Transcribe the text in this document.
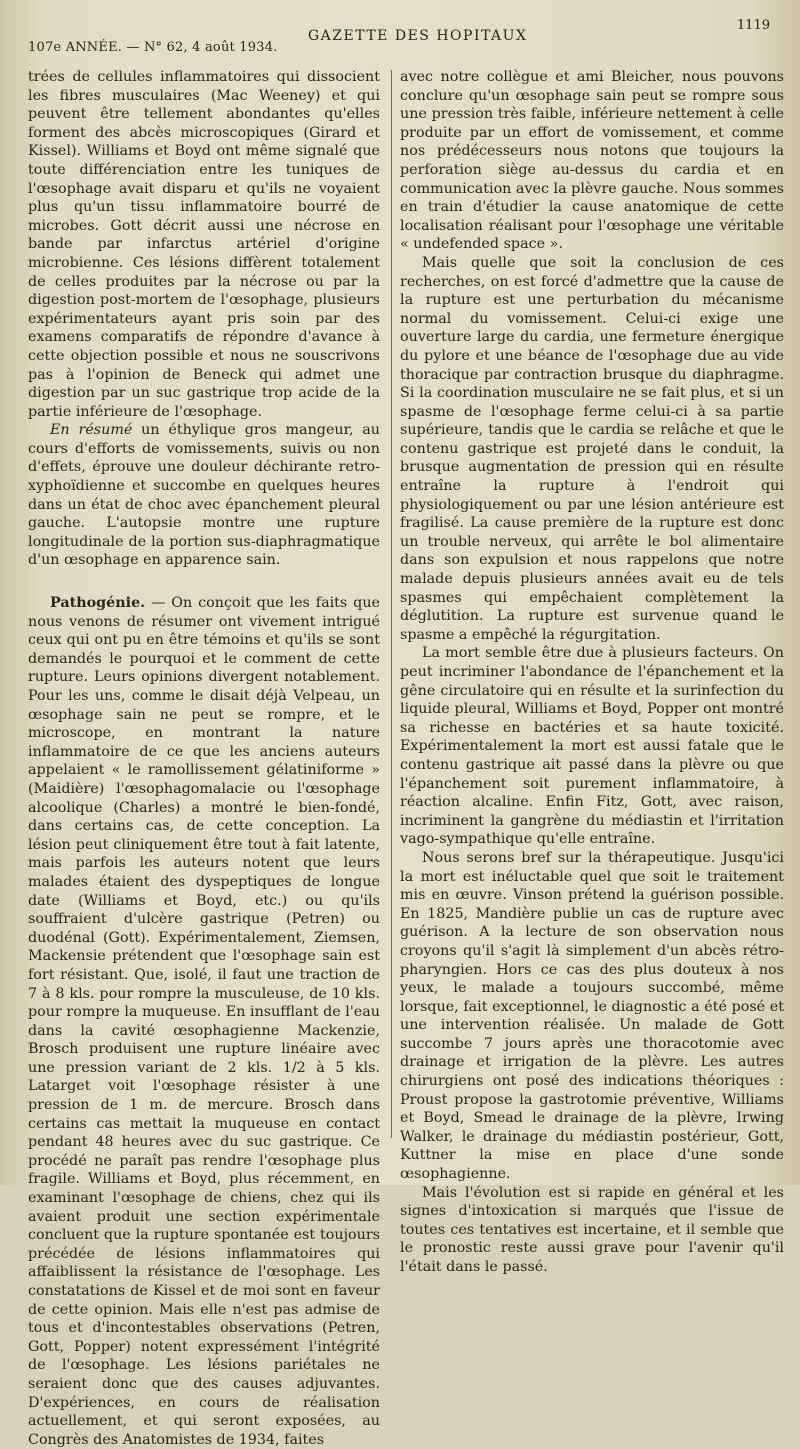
107e ANNÉE. — N° 62, 4 août 1934.
GAZETTE DES HOPITAUX
1119

trées de cellules inflammatoires qui dissocient les fibres musculaires (Mac Weeney) et qui peuvent être tellement abondantes qu'elles forment des abcès microscopiques (Girard et Kissel). Williams et Boyd ont même signalé que toute différenciation entre les tuniques de l'œsophage avait disparu et qu'ils ne voyaient plus qu'un tissu inflammatoire bourré de microbes. Gott décrit aussi une nécrose en bande par infarctus artériel d'origine microbienne. Ces lésions diffèrent totalement de celles produites par la nécrose ou par la digestion post-mortem de l'œsophage, plusieurs expérimentateurs ayant pris soin par des examens comparatifs de répondre d'avance à cette objection possible et nous ne souscrivons pas à l'opinion de Beneck qui admet une digestion par un suc gastrique trop acide de la partie inférieure de l'œsophage.

En résumé un éthylique gros mangeur, au cours d'efforts de vomissements, suivis ou non d'effets, éprouve une douleur déchirante retro-xyphoïdienne et succombe en quelques heures dans un état de choc avec épanchement pleural gauche. L'autopsie montre une rupture longitudinale de la portion sus-diaphragmatique d'un œsophage en apparence sain.

Pathogénie. — On conçoit que les faits que nous venons de résumer ont vivement intrigué ceux qui ont pu en être témoins et qu'ils se sont demandés le pourquoi et le comment de cette rupture. Leurs opinions divergent notablement. Pour les uns, comme le disait déjà Velpeau, un œsophage sain ne peut se rompre, et le microscope, en montrant la nature inflammatoire de ce que les anciens auteurs appelaient « le ramollissement gélatiniforme » (Maidière) l'œsophagomalacie ou l'œsophage alcoolique (Charles) a montré le bien-fondé, dans certains cas, de cette conception. La lésion peut cliniquement être tout à fait latente, mais parfois les auteurs notent que leurs malades étaient des dyspeptiques de longue date (Williams et Boyd, etc.) ou qu'ils souffraient d'ulcère gastrique (Petren) ou duodénal (Gott). Expérimentalement, Ziemsen, Mackensie prétendent que l'œsophage sain est fort résistant. Que, isolé, il faut une traction de 7 à 8 kls. pour rompre la musculeuse, de 10 kls. pour rompre la muqueuse. En insufflant de l'eau dans la cavité œsophagienne Mackenzie, Brosch produisent une rupture linéaire avec une pression variant de 2 kls. 1/2 à 5 kls. Latarget voit l'œsophage résister à une pression de 1 m. de mercure. Brosch dans certains cas mettait la muqueuse en contact pendant 48 heures avec du suc gastrique. Ce procédé ne paraît pas rendre l'œsophage plus fragile. Williams et Boyd, plus récemment, en examinant l'œsophage de chiens, chez qui ils avaient produit une section expérimentale concluent que la rupture spontanée est toujours précédée de lésions inflammatoires qui affaiblissent la résistance de l'œsophage. Les constatations de Kissel et de moi sont en faveur de cette opinion. Mais elle n'est pas admise de tous et d'incontestables observations (Petren, Gott, Popper) notent expressément l'intégrité de l'œsophage. Les lésions pariétales ne seraient donc que des causes adjuvantes. D'expériences, en cours de réalisation actuellement, et qui seront exposées, au Congrès des Anatomistes de 1934, faites

avec notre collègue et ami Bleicher, nous pouvons conclure qu'un œsophage sain peut se rompre sous une pression très faible, inférieure nettement à celle produite par un effort de vomissement, et comme nos prédécesseurs nous notons que toujours la perforation siège au-dessus du cardia et en communication avec la plèvre gauche. Nous sommes en train d'étudier la cause anatomique de cette localisation réalisant pour l'œsophage une véritable « undefended space ».

Mais quelle que soit la conclusion de ces recherches, on est forcé d'admettre que la cause de la rupture est une perturbation du mécanisme normal du vomissement. Celui-ci exige une ouverture large du cardia, une fermeture énergique du pylore et une béance de l'œsophage due au vide thoracique par contraction brusque du diaphragme. Si la coordination musculaire ne se fait plus, et si un spasme de l'œsophage ferme celui-ci à sa partie supérieure, tandis que le cardia se relâche et que le contenu gastrique est projeté dans le conduit, la brusque augmentation de pression qui en résulte entraîne la rupture à l'endroit qui physiologiquement ou par une lésion antérieure est fragilisé. La cause première de la rupture est donc un trouble nerveux, qui arrête le bol alimentaire dans son expulsion et nous rappelons que notre malade depuis plusieurs années avait eu de tels spasmes qui empêchaient complètement la déglutition. La rupture est survenue quand le spasme a empêché la régurgitation.

La mort semble être due à plusieurs facteurs. On peut incriminer l'abondance de l'épanchement et la gêne circulatoire qui en résulte et la surinfection du liquide pleural, Williams et Boyd, Popper ont montré sa richesse en bactéries et sa haute toxicité. Expérimentalement la mort est aussi fatale que le contenu gastrique ait passé dans la plèvre ou que l'épanchement soit purement inflammatoire, à réaction alcaline. Enfin Fitz, Gott, avec raison, incriminent la gangrène du médiastin et l'irritation vago-sympathique qu'elle entraîne.

Nous serons bref sur la thérapeutique. Jusqu'ici la mort est inéluctable quel que soit le traitement mis en œuvre. Vinson prétend la guérison possible. En 1825, Mandière publie un cas de rupture avec guérison. A la lecture de son observation nous croyons qu'il s'agit là simplement d'un abcès rétro-pharyngien. Hors ce cas des plus douteux à nos yeux, le malade a toujours succombé, même lorsque, fait exceptionnel, le diagnostic a été posé et une intervention réalisée. Un malade de Gott succombe 7 jours après une thoracotomie avec drainage et irrigation de la plèvre. Les autres chirurgiens ont posé des indications théoriques : Proust propose la gastrotomie préventive, Williams et Boyd, Smead le drainage de la plèvre, Irwing Walker, le drainage du médiastin postérieur, Gott, Kuttner la mise en place d'une sonde œsophagienne.

Mais l'évolution est si rapide en général et les signes d'intoxication si marqués que l'issue de toutes ces tentatives est incertaine, et il semble que le pronostic reste aussi grave pour l'avenir qu'il l'était dans le passé.
